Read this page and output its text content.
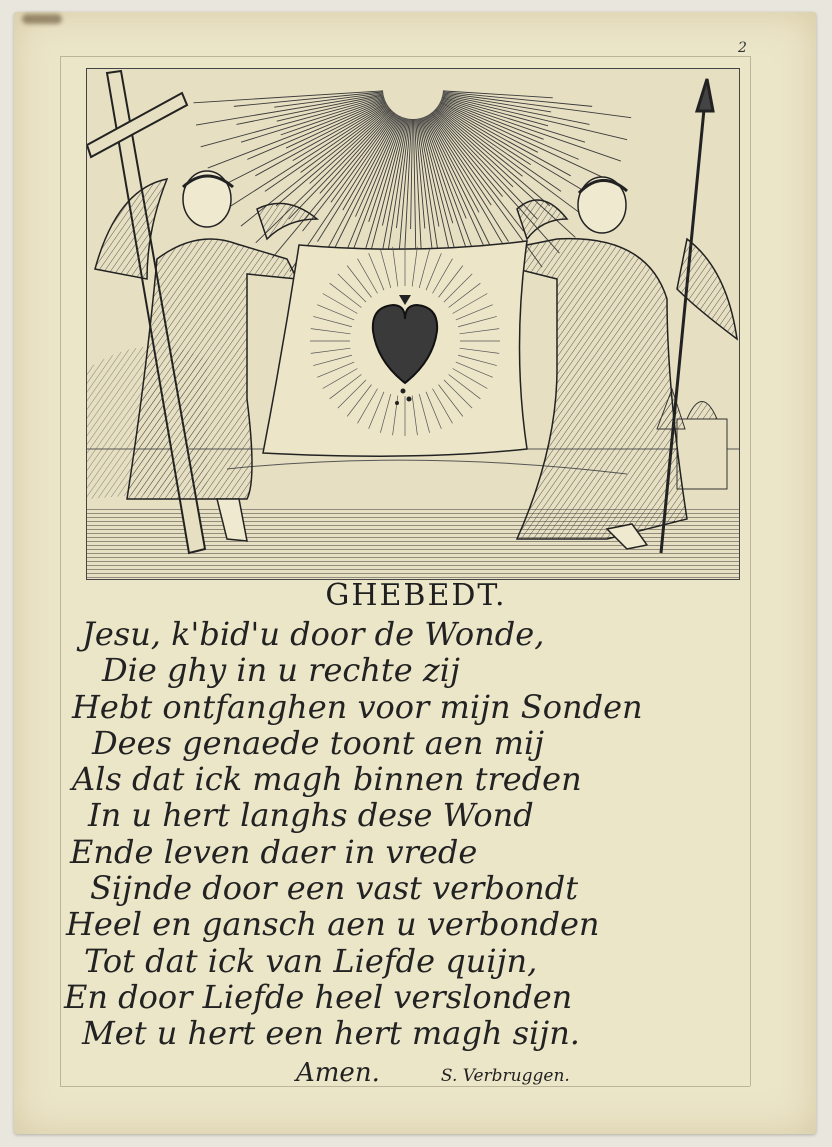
2
GHEBEDT.
Jesu, k'bid'u door de Wonde,
Die ghy in u rechte zij
Hebt ontfanghen voor mijn Sonden
Dees genaede toont aen mij
Als dat ick magh binnen treden
In u hert langhs dese Wond
Ende leven daer in vrede
Sijnde door een vast verbondt
Heel en gansch aen u verbonden
Tot dat ick van Liefde quijn,
En door Liefde heel verslonden
Met u hert een hert magh sijn.
Amen.	S. Verbruggen.
